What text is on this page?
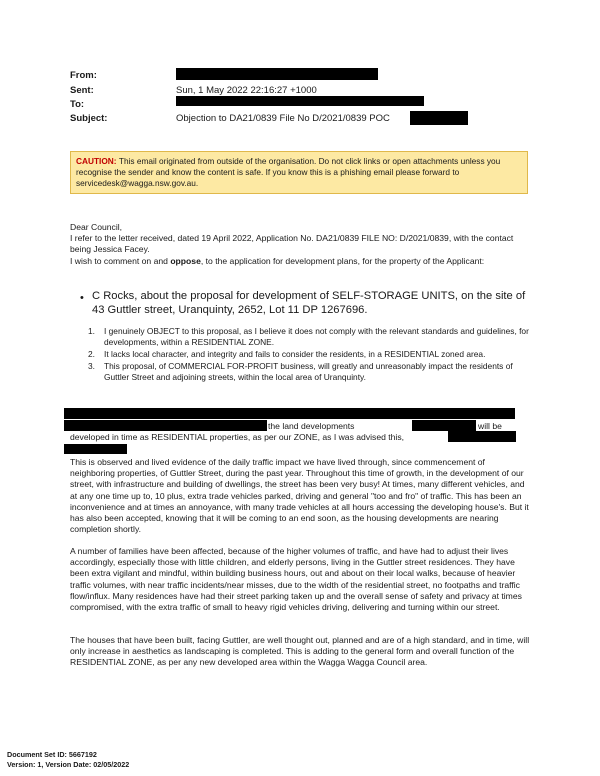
From:
Sent:	Sun, 1 May 2022 22:16:27 +1000
To:
Subject:	Objection to DA21/0839 File No D/2021/0839 POC
CAUTION: This email originated from outside of the organisation. Do not click links or open attachments unless you recognise the sender and know the content is safe. If you know this is a phishing email please forward to servicedesk@wagga.nsw.gov.au.
Dear Council,
I refer to the letter received, dated 19 April 2022, Application No. DA21/0839 FILE NO: D/2021/0839, with the contact being Jessica Facey.
I wish to comment on and oppose, to the application for development plans, for the property of the Applicant:
• C Rocks, about the proposal for development of SELF-STORAGE UNITS, on the site of 43 Guttler street, Uranquinty, 2652, Lot 11 DP 1267696.
1. I genuinely OBJECT to this proposal, as I believe it does not comply with the relevant standards and guidelines, for developments, within a RESIDENTIAL ZONE.
2. It lacks local character, and integrity and fails to consider the residents, in a RESIDENTIAL zoned area.
3. This proposal, of COMMERCIAL FOR-PROFIT business, will greatly and unreasonably impact the residents of Guttler Street and adjoining streets, within the local area of Uranquinty.
the land developments	will be
developed in time as RESIDENTIAL properties, as per our ZONE, as I was advised this,
This is observed and lived evidence of the daily traffic impact we have lived through, since commencement of neighboring properties, of Guttler Street, during the past year. Throughout this time of growth, in the development of our street, with infrastructure and building of dwellings, the street has been very busy! At times, many different vehicles, and at any one time up to, 10 plus, extra trade vehicles parked, driving and general "too and fro" of traffic. This has been an inconvenience and at times an annoyance, with many trade vehicles at all hours accessing the developing house's. But it has also been accepted, knowing that it will be coming to an end soon, as the housing developments are nearing completion shortly.
A number of families have been affected, because of the higher volumes of traffic, and have had to adjust their lives accordingly, especially those with little children, and elderly persons, living in the Guttler street residences. They have been extra vigilant and mindful, within building business hours, out and about on their local walks, because of heavier traffic volumes, with near traffic incidents/near misses, due to the width of the residential street, no footpaths and traffic flow/influx. Many residences have had their street parking taken up and the overall sense of safety and privacy at times compromised, with the extra traffic of small to heavy rigid vehicles driving, delivering and turning within our street.
The houses that have been built, facing Guttler, are well thought out, planned and are of a high standard, and in time, will only increase in aesthetics as landscaping is completed. This is adding to the general form and overall function of the RESIDENTIAL ZONE, as per any new developed area within the Wagga Wagga Council area.
Document Set ID: 5667192
Version: 1, Version Date: 02/05/2022
